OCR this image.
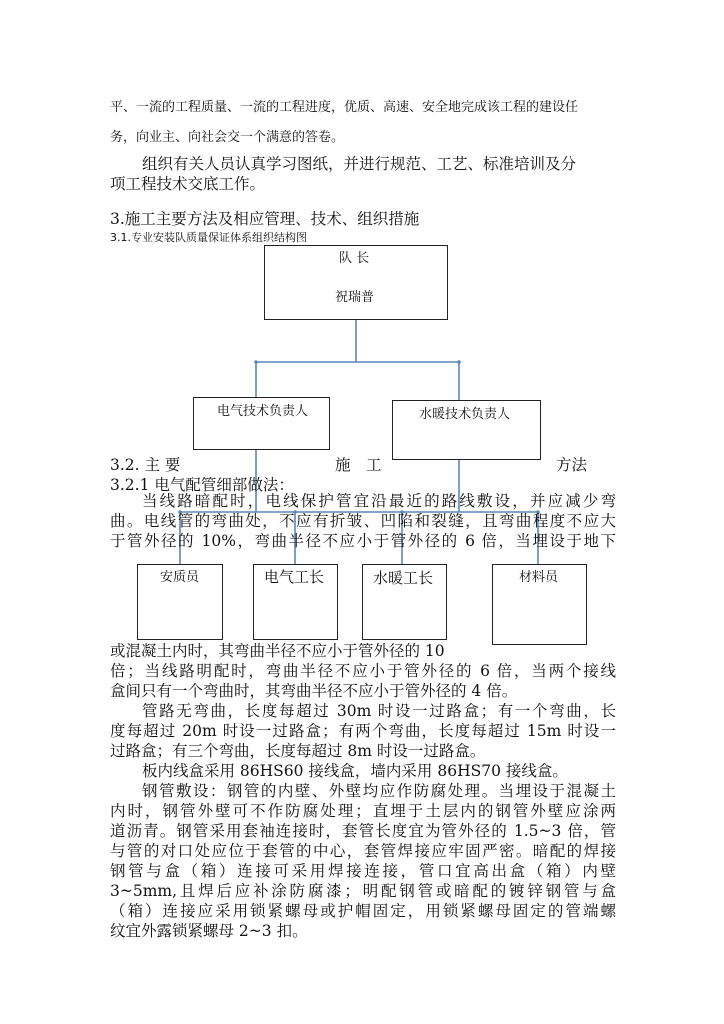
平、一流的工程质量、一流的工程进度，优质、高速、安全地完成该工程的建设任
务，向业主、向社会交一个满意的答卷。
组织有关人员认真学习图纸，并进行规范、工艺、标准培训及分
项工程技术交底工作。
3.施工主要方法及相应管理、技术、组织措施
3.1.专业安装队质量保证体系组织结构图
队 长
祝瑞普
电气技术负责人	水暖技术负责人
安质员	电气工长	水暖工长	材料员
3.2. 主 要	施　工	方法
3.2.1 电气配管细部做法：
当线路暗配时，电线保护管宜沿最近的路线敷设，并应减少弯
曲。电线管的弯曲处，不应有折皱、凹陷和裂缝，且弯曲程度不应大
于管外径的 10%，弯曲半径不应小于管外径的 6 倍，当埋设于地下
或混凝土内时，其弯曲半径不应小于管外径的 10
倍；当线路明配时，弯曲半径不应小于管外径的 6 倍，当两个接线
盒间只有一个弯曲时，其弯曲半径不应小于管外径的 4 倍。
管路无弯曲，长度每超过 30m 时设一过路盒；有一个弯曲，长
度每超过 20m 时设一过路盒；有两个弯曲，长度每超过 15m 时设一
过路盒；有三个弯曲，长度每超过 8m 时设一过路盒。
板内线盒采用 86HS60 接线盒，墙内采用 86HS70 接线盒。
钢管敷设：钢管的内壁、外壁均应作防腐处理。当埋设于混凝土
内时，钢管外壁可不作防腐处理；直埋于土层内的钢管外壁应涂两
道沥青。钢管采用套袖连接时，套管长度宜为管外径的 1.5~3 倍，管
与管的对口处应位于套管的中心，套管焊接应牢固严密。暗配的焊接
钢管与盒（箱）连接可采用焊接连接，管口宜高出盒（箱）内壁
3~5mm,且焊后应补涂防腐漆；明配钢管或暗配的镀锌钢管与盒
（箱）连接应采用锁紧螺母或护帽固定，用锁紧螺母固定的管端螺
纹宜外露锁紧螺母 2~3 扣。
